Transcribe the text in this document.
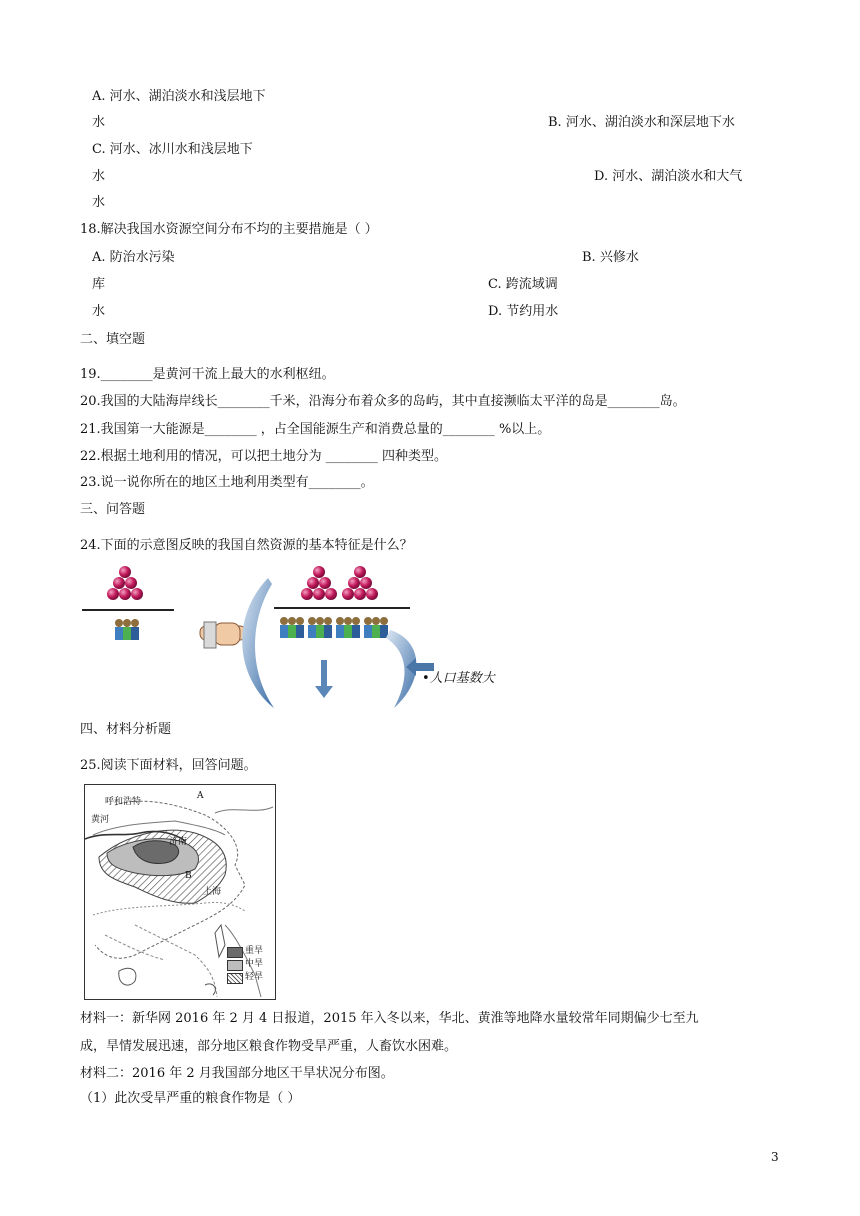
A. 河水、湖泊淡水和浅层地下
水	B. 河水、湖泊淡水和深层地下水
C. 河水、冰川水和浅层地下
水	D. 河水、湖泊淡水和大气
水
18.解决我国水资源空间分布不均的主要措施是（ ）
A. 防治水污染	B. 兴修水
库	C. 跨流域调
水	D. 节约用水
二、填空题
19.________是黄河干流上最大的水利枢纽。
20.我国的大陆海岸线长________千米，沿海分布着众多的岛屿，其中直接濒临太平洋的岛是________岛。
21.我国第一大能源是________ ，占全国能源生产和消费总量的________ %以上。
22.根据土地利用的情况，可以把土地分为 ________ 四种类型。
23.说一说你所在的地区土地利用类型有________。
三、问答题
24.下面的示意图反映的我国自然资源的基本特征是什么？
•人口基数大
四、材料分析题
25.阅读下面材料，回答问题。
呼和浩特
黄河
济南
上海
A
B
重旱
中旱
轻旱
材料一：新华网 2016 年 2 月 4 日报道，2015 年入冬以来，华北、黄淮等地降水量较常年同期偏少七至九
成，旱情发展迅速，部分地区粮食作物受旱严重，人畜饮水困难。
材料二：2016 年 2 月我国部分地区干旱状况分布图。
（1）此次受旱严重的粮食作物是（ ）
3
